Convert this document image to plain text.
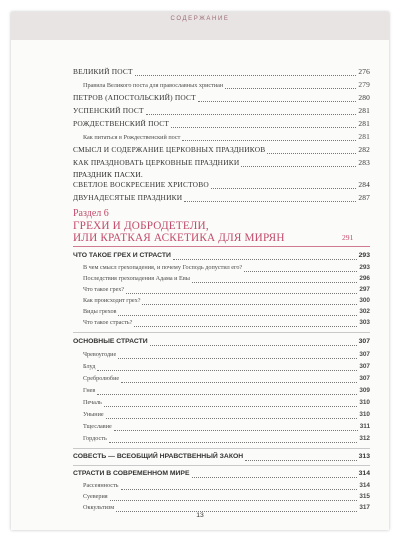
СОДЕРЖАНИЕ
ВЕЛИКИЙ ПОСТ	276
Правила Великого поста для православных христиан	279
ПЕТРОВ (АПОСТОЛЬСКИЙ) ПОСТ	280
УСПЕНСКИЙ ПОСТ	281
РОЖДЕСТВЕНСКИЙ ПОСТ	281
Как питаться в Рождественский пост	281
СМЫСЛ И СОДЕРЖАНИЕ ЦЕРКОВНЫХ ПРАЗДНИКОВ	282
КАК ПРАЗДНОВАТЬ ЦЕРКОВНЫЕ ПРАЗДНИКИ	283
ПРАЗДНИК ПАСХИ.
СВЕТЛОЕ ВОСКРЕСЕНИЕ ХРИСТОВО	284
ДВУНАДЕСЯТЫЕ ПРАЗДНИКИ	287
Раздел 6
ГРЕХИ И ДОБРОДЕТЕЛИ,
ИЛИ КРАТКАЯ АСКЕТИКА ДЛЯ МИРЯН	291
ЧТО ТАКОЕ ГРЕХ И СТРАСТИ	293
В чем смысл грехопадения, и почему Господь допустил его?	293
Последствия грехопадения Адама и Евы	296
Что такое грех?	297
Как происходит грех?	300
Виды грехов	302
Что такое страсть?	303
ОСНОВНЫЕ СТРАСТИ	307
Чревоугодие	307
Блуд	307
Сребролюбие	307
Гнев	309
Печаль	310
Уныние	310
Тщеславие	311
Гордость	312
СОВЕСТЬ — ВСЕОБЩИЙ НРАВСТВЕННЫЙ ЗАКОН	313
СТРАСТИ В СОВРЕМЕННОМ МИРЕ	314
Рассеянность	314
Суеверия	315
Оккультизм	317
13
